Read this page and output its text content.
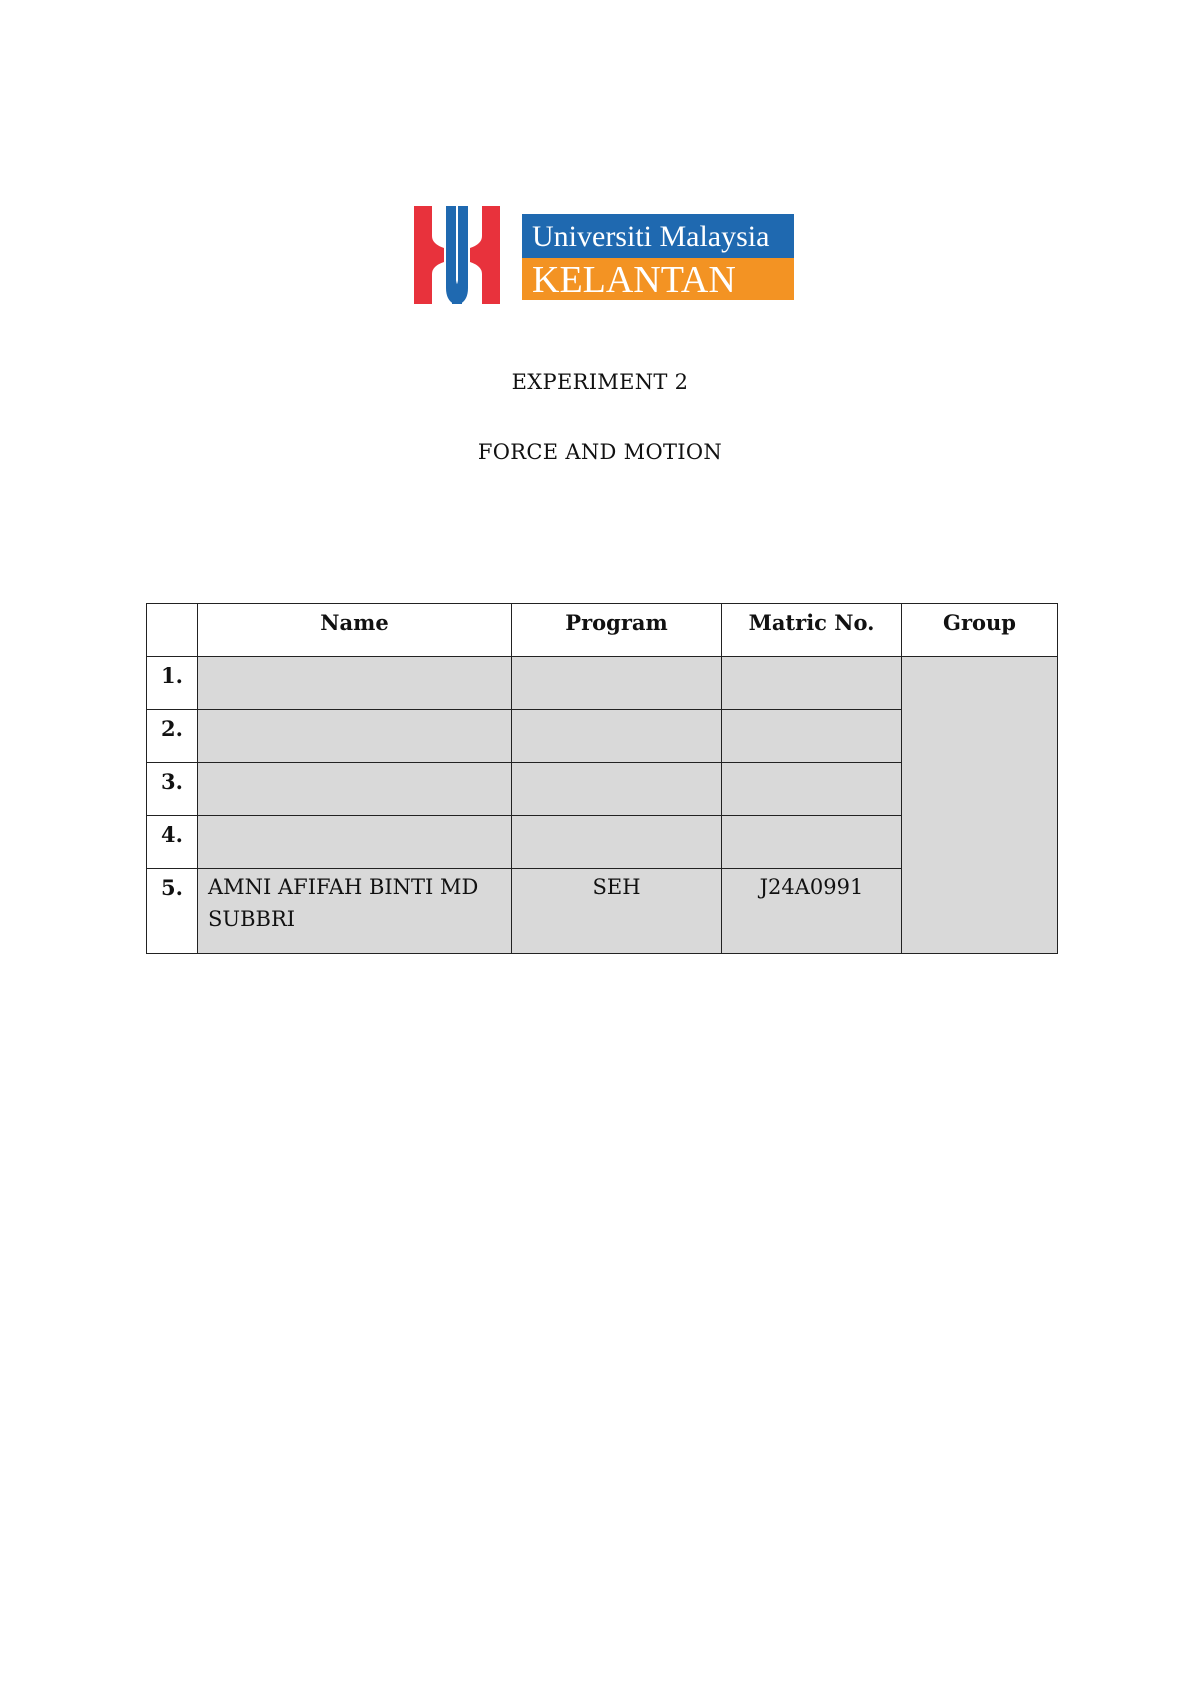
Universiti Malaysia
KELANTAN
EXPERIMENT 2
FORCE AND MOTION
	Name	Program	Matric No.	Group
1.				
2.				
3.				
4.				
5.	AMNI AFIFAH BINTI MD SUBBRI	SEH	J24A0991	
